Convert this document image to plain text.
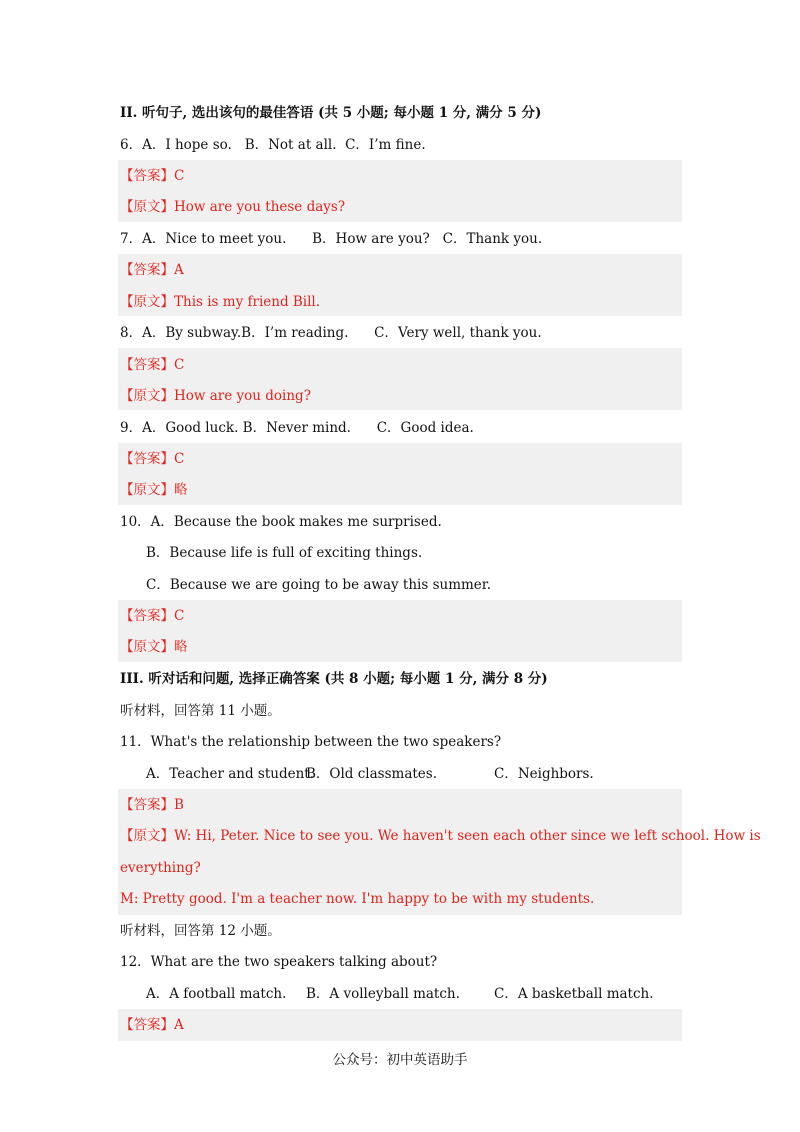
II. 听句子, 选出该句的最佳答语 (共 5 小题; 每小题 1 分, 满分 5 分)
6．A．I hope so.   B．Not at all.  C．I’m fine.
【答案】C
【原文】How are you these days?
7．A．Nice to meet you.      B．How are you?   C．Thank you.
【答案】A
【原文】This is my friend Bill.
8．A．By subway.B．I’m reading.      C．Very well, thank you.
【答案】C
【原文】How are you doing?
9．A．Good luck. B．Never mind.      C．Good idea.
【答案】C
【原文】略
10．A．Because the book makes me surprised.
B．Because life is full of exciting things.
C．Because we are going to be away this summer.
【答案】C
【原文】略
III. 听对话和问题, 选择正确答案 (共 8 小题; 每小题 1 分, 满分 8 分)
听材料，回答第 11 小题。
11．What's the relationship between the two speakers?
A．Teacher and student.
B．Old classmates.	C．Neighbors.
【答案】B
【原文】W: Hi, Peter. Nice to see you. We haven't seen each other since we left school. How is
everything?
M: Pretty good. I'm a teacher now. I'm happy to be with my students.
听材料，回答第 12 小题。
12．What are the two speakers talking about?
A．A football match. B．A volleyball match.	C．A basketball match.
【答案】A
公众号：初中英语助手
